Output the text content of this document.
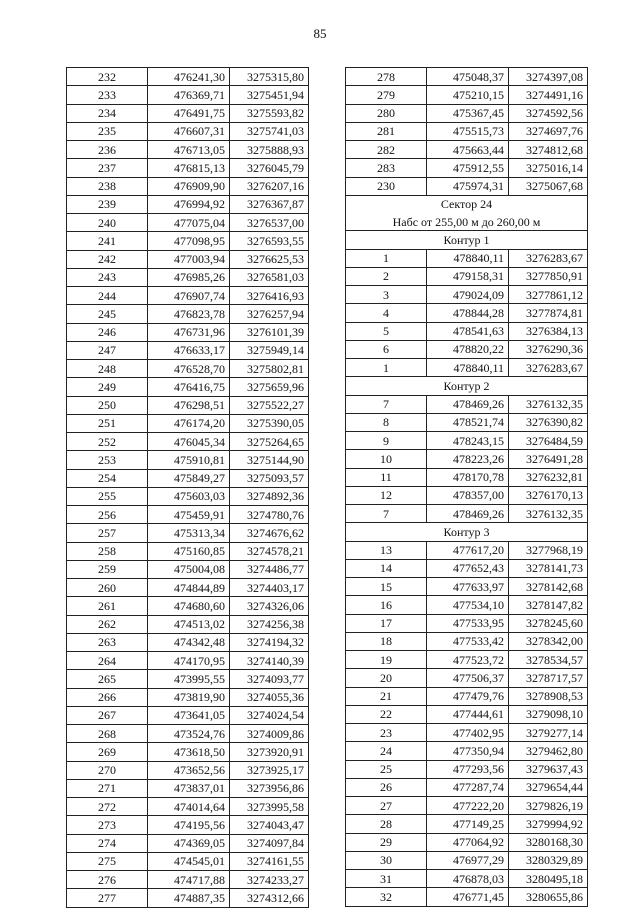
85
232	476241,30	3275315,80
233	476369,71	3275451,94
234	476491,75	3275593,82
235	476607,31	3275741,03
236	476713,05	3275888,93
237	476815,13	3276045,79
238	476909,90	3276207,16
239	476994,92	3276367,87
240	477075,04	3276537,00
241	477098,95	3276593,55
242	477003,94	3276625,53
243	476985,26	3276581,03
244	476907,74	3276416,93
245	476823,78	3276257,94
246	476731,96	3276101,39
247	476633,17	3275949,14
248	476528,70	3275802,81
249	476416,75	3275659,96
250	476298,51	3275522,27
251	476174,20	3275390,05
252	476045,34	3275264,65
253	475910,81	3275144,90
254	475849,27	3275093,57
255	475603,03	3274892,36
256	475459,91	3274780,76
257	475313,34	3274676,62
258	475160,85	3274578,21
259	475004,08	3274486,77
260	474844,89	3274403,17
261	474680,60	3274326,06
262	474513,02	3274256,38
263	474342,48	3274194,32
264	474170,95	3274140,39
265	473995,55	3274093,77
266	473819,90	3274055,36
267	473641,05	3274024,54
268	473524,76	3274009,86
269	473618,50	3273920,91
270	473652,56	3273925,17
271	473837,01	3273956,86
272	474014,64	3273995,58
273	474195,56	3274043,47
274	474369,05	3274097,84
275	474545,01	3274161,55
276	474717,88	3274233,27
277	474887,35	3274312,66
278	475048,37	3274397,08
279	475210,15	3274491,16
280	475367,45	3274592,56
281	475515,73	3274697,76
282	475663,44	3274812,68
283	475912,55	3275016,14
230	475974,31	3275067,68
Сектор 24		
Набс от 255,00 м до 260,00 м		
Контур 1		
1	478840,11	3276283,67
2	479158,31	3277850,91
3	479024,09	3277861,12
4	478844,28	3277874,81
5	478541,63	3276384,13
6	478820,22	3276290,36
1	478840,11	3276283,67
Контур 2		
7	478469,26	3276132,35
8	478521,74	3276390,82
9	478243,15	3276484,59
10	478223,26	3276491,28
11	478170,78	3276232,81
12	478357,00	3276170,13
7	478469,26	3276132,35
Контур 3		
13	477617,20	3277968,19
14	477652,43	3278141,73
15	477633,97	3278142,68
16	477534,10	3278147,82
17	477533,95	3278245,60
18	477533,42	3278342,00
19	477523,72	3278534,57
20	477506,37	3278717,57
21	477479,76	3278908,53
22	477444,61	3279098,10
23	477402,95	3279277,14
24	477350,94	3279462,80
25	477293,56	3279637,43
26	477287,74	3279654,44
27	477222,20	3279826,19
28	477149,25	3279994,92
29	477064,92	3280168,30
30	476977,29	3280329,89
31	476878,03	3280495,18
32	476771,45	3280655,86
